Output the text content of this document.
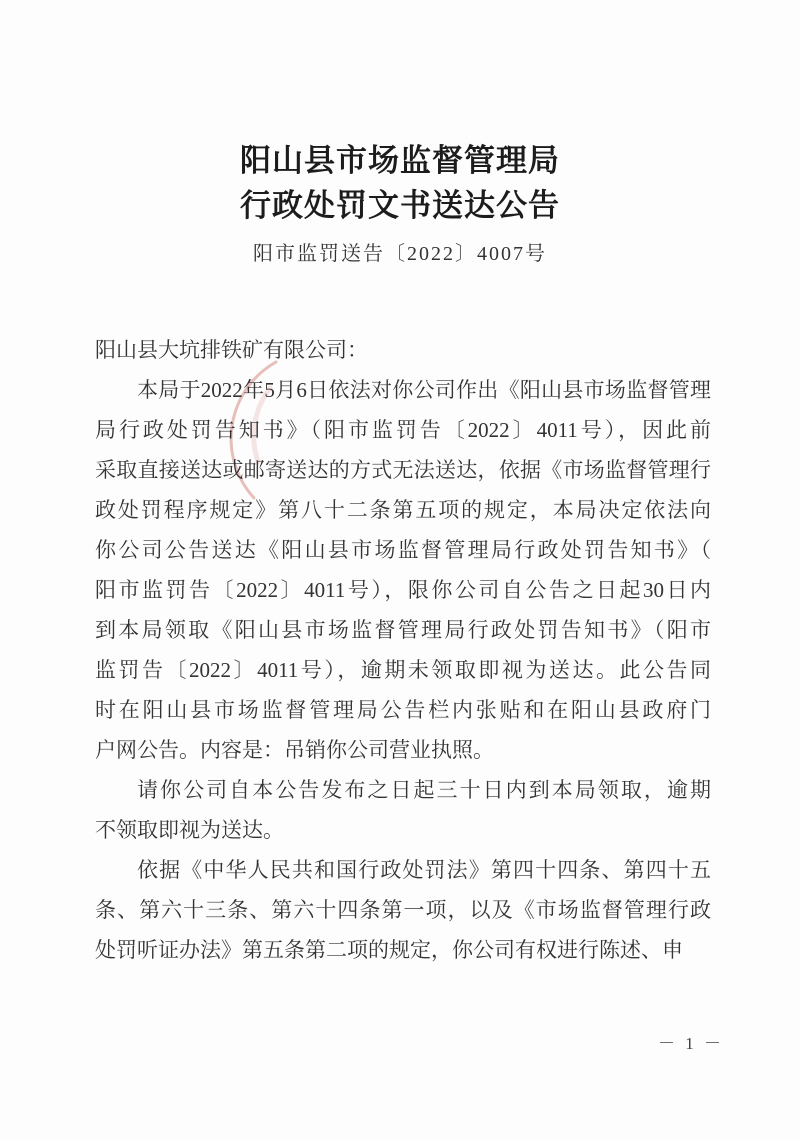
阳山县市场监督管理局
行政处罚文书送达公告
阳市监罚送告〔2022〕4007号
阳山县大坑排铁矿有限公司：
本局于2022年5月6日依法对你公司作出《阳山县市场监督管理
局行政处罚告知书》（阳市监罚告〔2022〕4011号），因此前
采取直接送达或邮寄送达的方式无法送达，依据《市场监督管理行
政处罚程序规定》第八十二条第五项的规定，本局决定依法向
你公司公告送达《阳山县市场监督管理局行政处罚告知书》（
阳市监罚告〔2022〕4011号），限你公司自公告之日起30日内
到本局领取《阳山县市场监督管理局行政处罚告知书》（阳市
监罚告〔2022〕4011号），逾期未领取即视为送达。此公告同
时在阳山县市场监督管理局公告栏内张贴和在阳山县政府门
户网公告。内容是：吊销你公司营业执照。
请你公司自本公告发布之日起三十日内到本局领取，逾期
不领取即视为送达。
依据《中华人民共和国行政处罚法》第四十四条、第四十五
条、第六十三条、第六十四条第一项，以及《市场监督管理行政
处罚听证办法》第五条第二项的规定，你公司有权进行陈述、申
－ 1 －
